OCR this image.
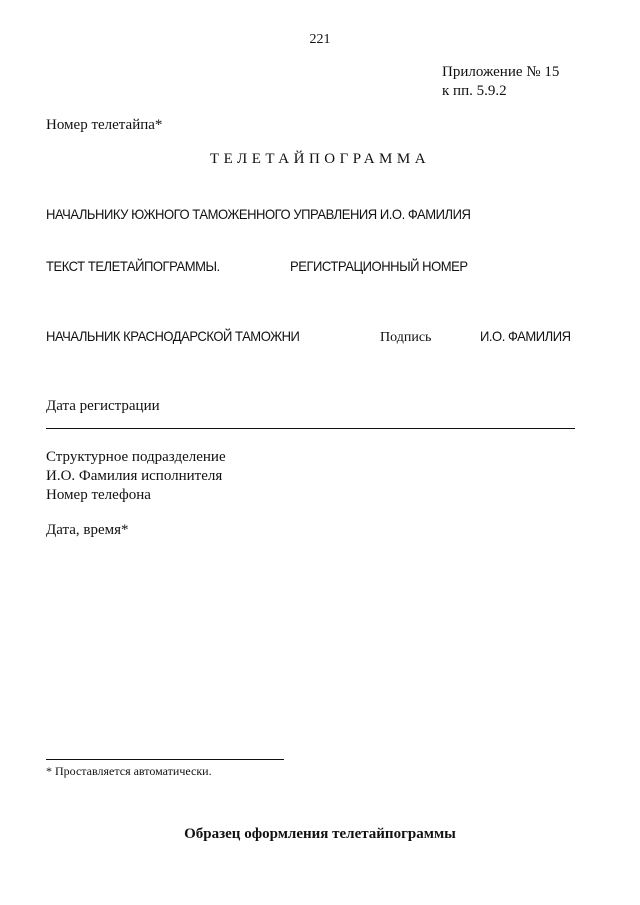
221
Приложение № 15
к пп. 5.9.2
Номер телетайпа*
ТЕЛЕТАЙПОГРАММА
НАЧАЛЬНИКУ ЮЖНОГО ТАМОЖЕННОГО УПРАВЛЕНИЯ И.О. ФАМИЛИЯ
ТЕКСТ ТЕЛЕТАЙПОГРАММЫ.	РЕГИСТРАЦИОННЫЙ НОМЕР
НАЧАЛЬНИК КРАСНОДАРСКОЙ ТАМОЖНИ	Подпись	И.О. ФАМИЛИЯ
Дата регистрации
Структурное подразделение
И.О. Фамилия исполнителя
Номер телефона
Дата, время*
* Проставляется автоматически.
Образец оформления телетайпограммы
